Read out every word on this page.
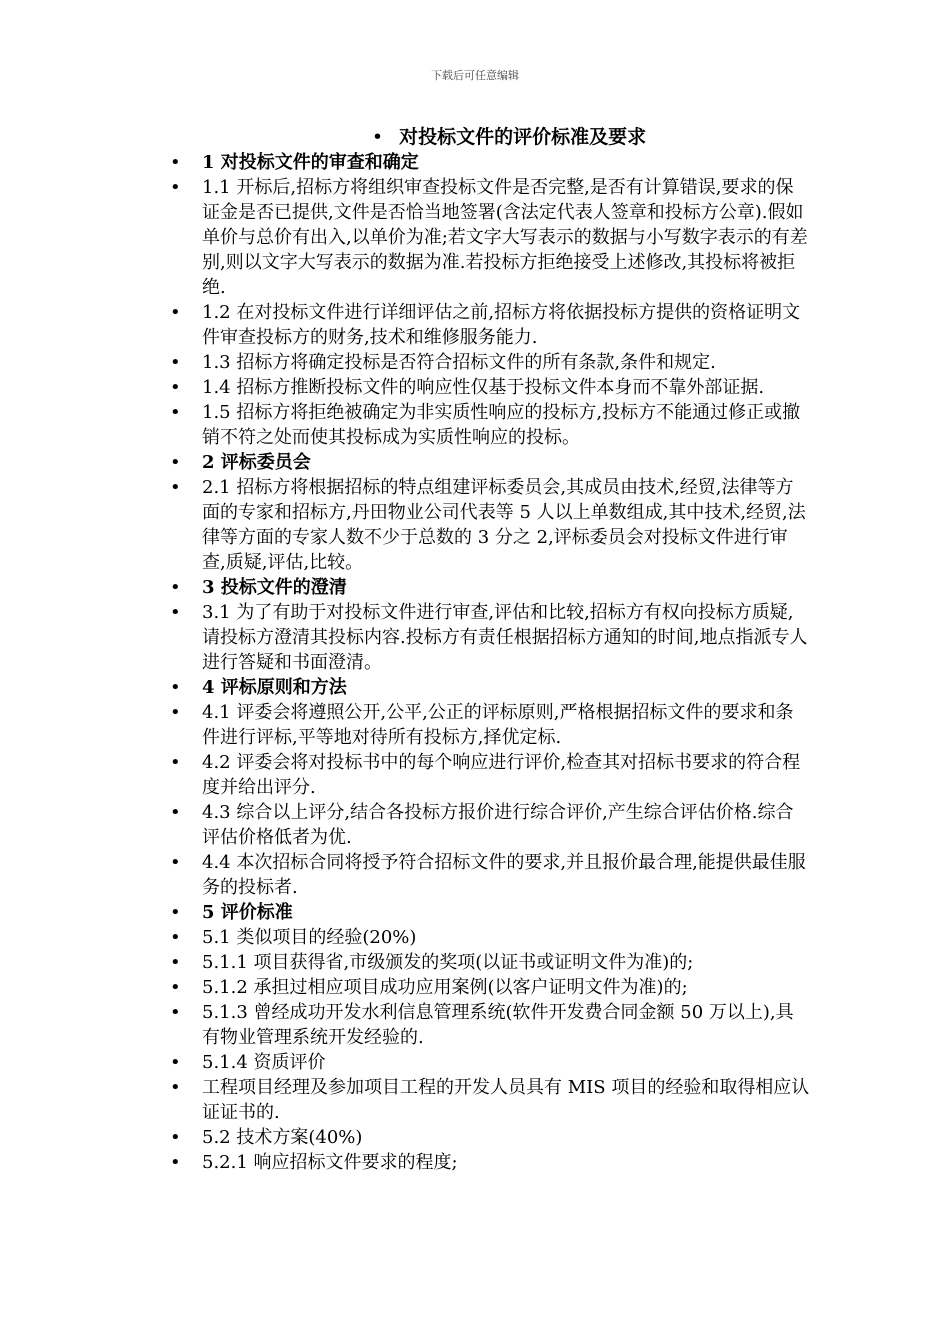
下载后可任意编辑
• 对投标文件的评价标准及要求
•	1 对投标文件的审查和确定
•	1.1 开标后,招标方将组织审查投标文件是否完整,是否有计算错误,要求的保证金是否已提供,文件是否恰当地签署(含法定代表人签章和投标方公章).假如单价与总价有出入,以单价为准;若文字大写表示的数据与小写数字表示的有差别,则以文字大写表示的数据为准.若投标方拒绝接受上述修改,其投标将被拒绝.
•	1.2 在对投标文件进行详细评估之前,招标方将依据投标方提供的资格证明文件审查投标方的财务,技术和维修服务能力.
•	1.3 招标方将确定投标是否符合招标文件的所有条款,条件和规定.
•	1.4 招标方推断投标文件的响应性仅基于投标文件本身而不靠外部证据.
•	1.5 招标方将拒绝被确定为非实质性响应的投标方,投标方不能通过修正或撤销不符之处而使其投标成为实质性响应的投标。
•	2 评标委员会
•	2.1 招标方将根据招标的特点组建评标委员会,其成员由技术,经贸,法律等方面的专家和招标方,丹田物业公司代表等 5 人以上单数组成,其中技术,经贸,法律等方面的专家人数不少于总数的 3 分之 2,评标委员会对投标文件进行审查,质疑,评估,比较。
•	3 投标文件的澄清
•	3.1 为了有助于对投标文件进行审查,评估和比较,招标方有权向投标方质疑,请投标方澄清其投标内容.投标方有责任根据招标方通知的时间,地点指派专人进行答疑和书面澄清。
•	4 评标原则和方法
•	4.1 评委会将遵照公开,公平,公正的评标原则,严格根据招标文件的要求和条件进行评标,平等地对待所有投标方,择优定标.
•	4.2 评委会将对投标书中的每个响应进行评价,检查其对招标书要求的符合程度并给出评分.
•	4.3 综合以上评分,结合各投标方报价进行综合评价,产生综合评估价格.综合评估价格低者为优.
•	4.4 本次招标合同将授予符合招标文件的要求,并且报价最合理,能提供最佳服务的投标者.
•	5 评价标准
•	5.1 类似项目的经验(20%)
•	5.1.1 项目获得省,市级颁发的奖项(以证书或证明文件为准)的;
•	5.1.2 承担过相应项目成功应用案例(以客户证明文件为准)的;
•	5.1.3 曾经成功开发水利信息管理系统(软件开发费合同金额 50 万以上),具有物业管理系统开发经验的.
•	5.1.4 资质评价
•	工程项目经理及参加项目工程的开发人员具有 MIS 项目的经验和取得相应认证证书的.
•	5.2 技术方案(40%)
•	5.2.1 响应招标文件要求的程度;
